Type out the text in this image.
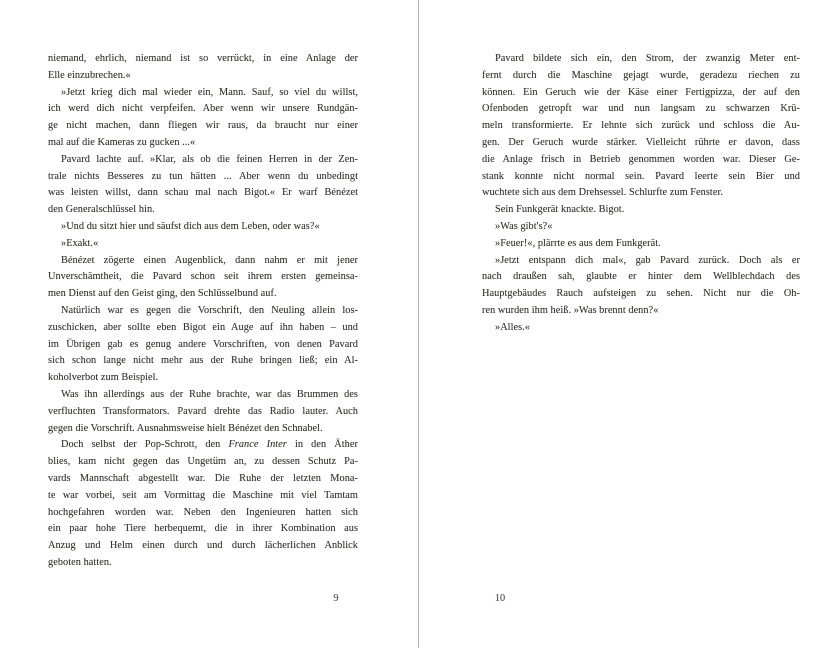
niemand, ehrlich, niemand ist so verrückt, in eine Anlage der
Elle einzubrechen.«
»Jetzt krieg dich mal wieder ein, Mann. Sauf, so viel du willst,
ich werd dich nicht verpfeifen. Aber wenn wir unsere Rundgän-
ge nicht machen, dann fliegen wir raus, da braucht nur einer
mal auf die Kameras zu gucken ...«
Pavard lachte auf. »Klar, als ob die feinen Herren in der Zen-
trale nichts Besseres zu tun hätten ... Aber wenn du unbedingt
was leisten willst, dann schau mal nach Bigot.« Er warf Bénézet
den Generalschlüssel hin.
»Und du sitzt hier und säufst dich aus dem Leben, oder was?«
»Exakt.«
Bénézet zögerte einen Augenblick, dann nahm er mit jener
Unverschämtheit, die Pavard schon seit ihrem ersten gemeinsa-
men Dienst auf den Geist ging, den Schlüsselbund auf.
Natürlich war es gegen die Vorschrift, den Neuling allein los-
zuschicken, aber sollte eben Bigot ein Auge auf ihn haben – und
im Übrigen gab es genug andere Vorschriften, von denen Pavard
sich schon lange nicht mehr aus der Ruhe bringen ließ; ein Al-
koholverbot zum Beispiel.
Was ihn allerdings aus der Ruhe brachte, war das Brummen des
verfluchten Transformators. Pavard drehte das Radio lauter. Auch
gegen die Vorschrift. Ausnahmsweise hielt Bénézet den Schnabel.
Doch selbst der Pop-Schrott, den France Inter in den Äther
blies, kam nicht gegen das Ungetüm an, zu dessen Schutz Pa-
vards Mannschaft abgestellt war. Die Ruhe der letzten Mona-
te war vorbei, seit am Vormittag die Maschine mit viel Tamtam
hochgefahren worden war. Neben den Ingenieuren hatten sich
ein paar hohe Tiere herbequemt, die in ihrer Kombination aus
Anzug und Helm einen durch und durch lächerlichen Anblick
geboten hatten.
9
Pavard bildete sich ein, den Strom, der zwanzig Meter ent-
fernt durch die Maschine gejagt wurde, geradezu riechen zu
können. Ein Geruch wie der Käse einer Fertigpizza, der auf den
Ofenboden getropft war und nun langsam zu schwarzen Krü-
meln transformierte. Er lehnte sich zurück und schloss die Au-
gen. Der Geruch wurde stärker. Vielleicht rührte er davon, dass
die Anlage frisch in Betrieb genommen worden war. Dieser Ge-
stank konnte nicht normal sein. Pavard leerte sein Bier und
wuchtete sich aus dem Drehsessel. Schlurfte zum Fenster.
Sein Funkgerät knackte. Bigot.
»Was gibt's?«
»Feuer!«, plärrte es aus dem Funkgerät.
»Jetzt entspann dich mal«, gab Pavard zurück. Doch als er
nach draußen sah, glaubte er hinter dem Wellblechdach des
Hauptgebäudes Rauch aufsteigen zu sehen. Nicht nur die Oh-
ren wurden ihm heiß. »Was brennt denn?«
»Alles.«
10
